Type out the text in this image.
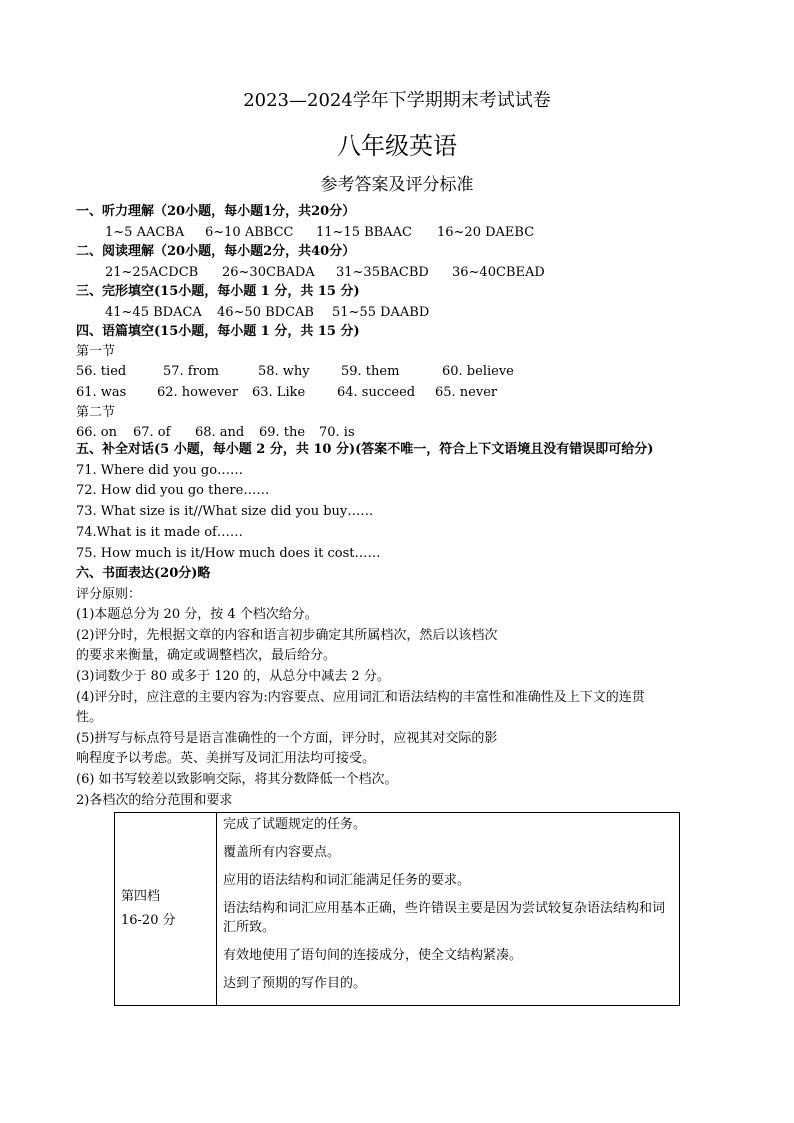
2023—2024学年下学期期末考试试卷
八年级英语
参考答案及评分标准
一、听力理解（20小题，每小题1分，共20分）
1~5 AACBA 6~10 ABBCC 11~15 BBAAC 16~20 DAEBC
二、阅读理解（20小题，每小题2分，共40分）
21~25ACDCB 26~30CBADA 31~35BACBD 36~40CBEAD
三、完形填空(15小题，每小题 1 分，共 15 分)
41~45 BDACA 46~50 BDCAB 51~55 DAABD
四、语篇填空(15小题，每小题 1 分，共 15 分)
第一节
56. tied	57. from	58. why 59. them	60. believe
61. was 62. however 63. Like 64. succeed 65. never
第二节
66. on 67. of 68. and 69. the 70. is
五、补全对话(5 小题，每小题 2 分，共 10 分)(答案不唯一，符合上下文语境且没有错误即可给分)
71. Where did you go……
72. How did you go there……
73. What size is it//What size did you buy……
74.What is it made of……
75. How much is it/How much does it cost……
六、书面表达(20分)略
评分原则：
(1)本题总分为 20 分，按 4 个档次给分。
(2)评分时，先根据文章的内容和语言初步确定其所属档次，然后以该档次
的要求来衡量，确定或调整档次，最后给分。
(3)词数少于 80 或多于 120 的，从总分中减去 2 分。
(4)评分时，应注意的主要内容为:内容要点、应用词汇和语法结构的丰富性和准确性及上下文的连贯
性。
(5)拼写与标点符号是语言准确性的一个方面，评分时，应视其对交际的影
响程度予以考虑。英、美拼写及词汇用法均可接受。
(6) 如书写较差以致影响交际，将其分数降低一个档次。
2)各档次的给分范围和要求
第四档
16-20 分

完成了试题规定的任务。
覆盖所有内容要点。
应用的语法结构和词汇能满足任务的要求。
语法结构和词汇应用基本正确，些许错误主要是因为尝试较复杂语法结构和词汇所致。
有效地使用了语句间的连接成分，使全文结构紧凑。
达到了预期的写作目的。
